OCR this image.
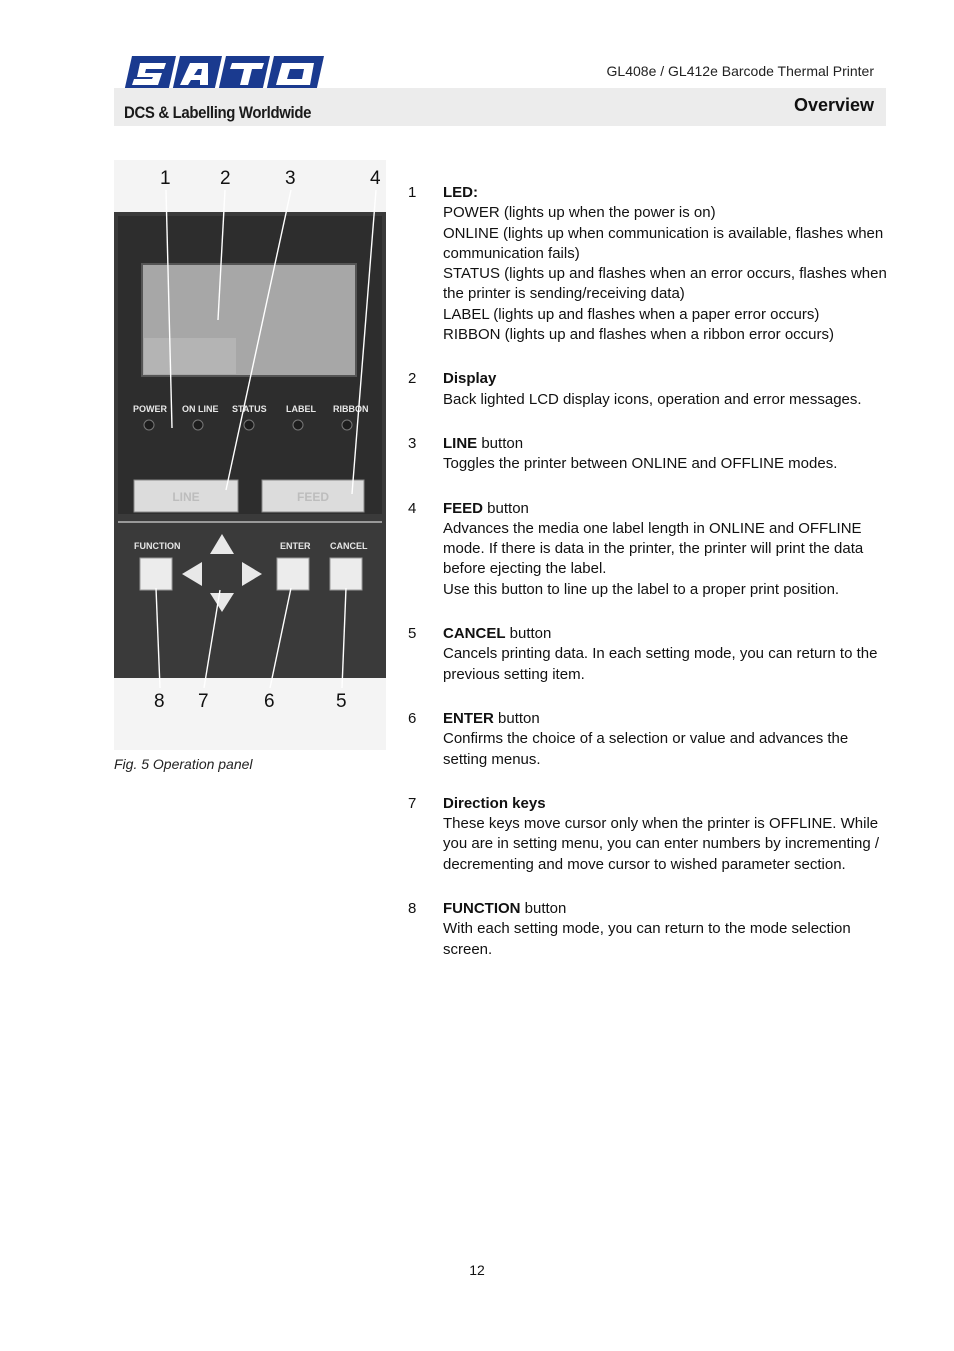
GL408e / GL412e Barcode Thermal Printer
DCS & Labelling Worldwide	Overview
POWER ON LINE STATUS LABEL RIBBON
LINE	FEED
FUNCTION	ENTER CANCEL
1	2	3	4
8 7	6	5
Fig. 5 Operation panel
1	LED:
POWER (lights up when the power is on)
ONLINE (lights up when communication is available, flashes when communication fails)
STATUS (lights up and flashes when an error occurs, flashes when the printer is sending/receiving data)
LABEL (lights up and flashes when a paper error occurs)
RIBBON (lights up and flashes when a ribbon error occurs)
2	Display
Back lighted LCD display icons, operation and error messages.
3	LINE button
Toggles the printer between ONLINE and OFFLINE modes.
4	FEED button
Advances the media one label length in ONLINE and OFFLINE mode. If there is data in the printer, the printer will print the data before ejecting the label.
Use this button to line up the label to a proper print position.
5	CANCEL button
Cancels printing data. In each setting mode, you can return to the previous setting item.
6	ENTER button
Confirms the choice of a selection or value and advances the setting menus.
7	Direction keys
These keys move cursor only when the printer is OFFLINE. While you are in setting menu, you can enter numbers by incrementing / decrementing and move cursor to wished parameter section.
8	FUNCTION button
With each setting mode, you can return to the mode selection screen.
12
